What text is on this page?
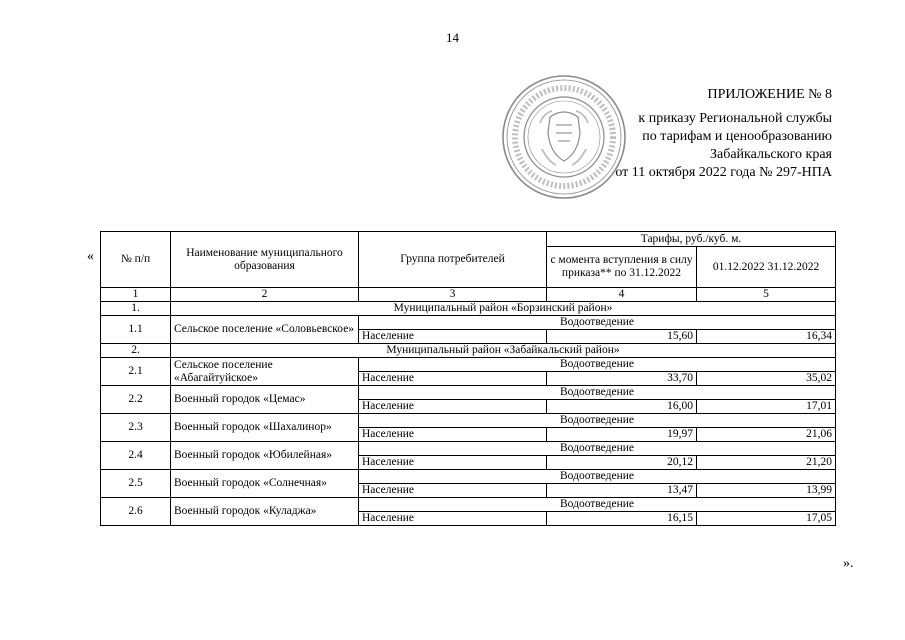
14
ПРИЛОЖЕНИЕ № 8
к приказу Региональной службы
по тарифам и ценообразованию
Забайкальского края
от 11 октября 2022 года № 297-НПА
« № п/п	Наименование муниципального образования	Группа потребителей	Тарифы, руб./куб. м.	
			с момента вступления в силу приказа** по 31.12.2022	01.12.2022 31.12.2022
1	2	3	4	5
1.	Муниципальный район «Борзинский район»			
1.1	Сельское поселение «Соловьевское»	Водоотведение		
		Население	15,60	16,34
2.	Муниципальный район «Забайкальский район»			
2.1	Сельское поселение «Абагайтуйское»	Водоотведение		
		Население	33,70	35,02
2.2	Военный городок «Цемас»	Водоотведение		
		Население	16,00	17,01
2.3	Военный городок «Шахалинор»	Водоотведение		
		Население	19,97	21,06
2.4	Военный городок «Юбилейная»	Водоотведение		
		Население	20,12	21,20
2.5	Военный городок «Солнечная»	Водоотведение		
		Население	13,47	13,99
2.6	Военный городок «Куладжа»	Водоотведение		
		Население	16,15	17,05
».
